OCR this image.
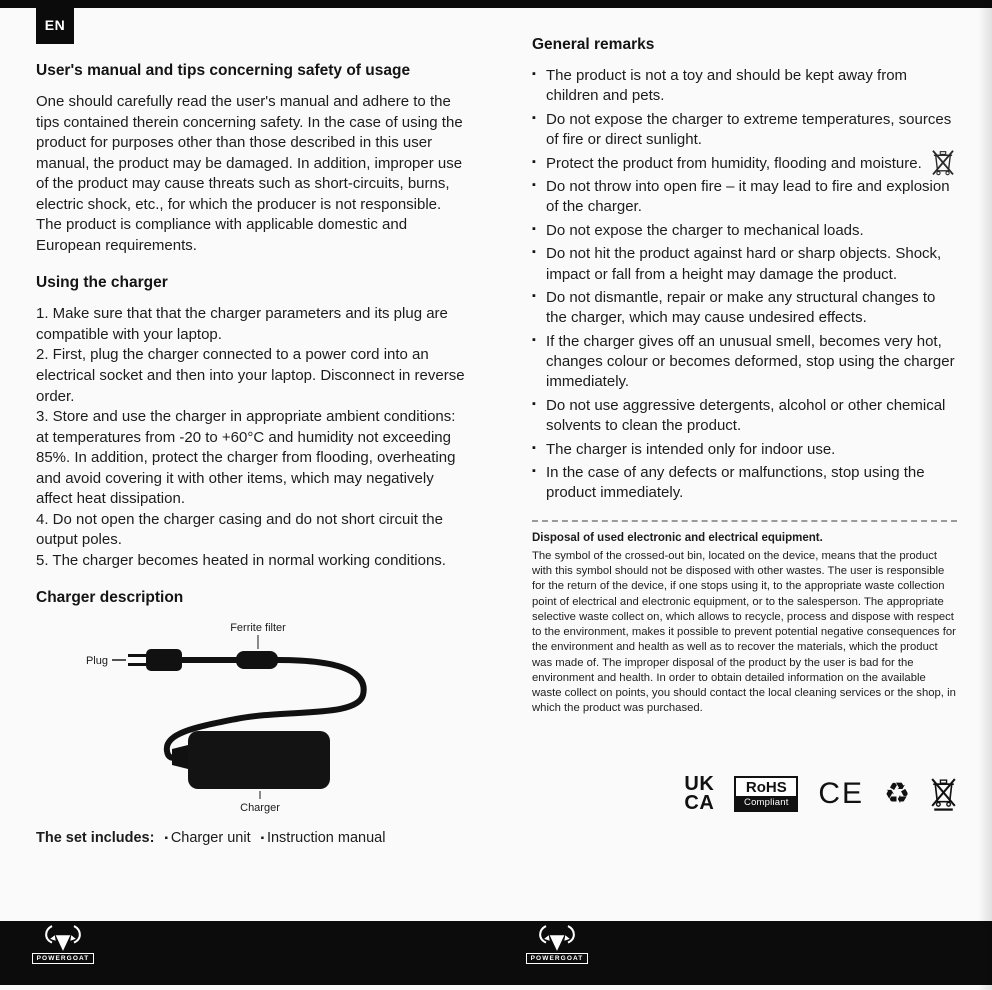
EN
User's manual and tips concerning safety of usage

One should carefully read the user's manual and adhere to the tips contained therein concerning safety. In the case of using the product for purposes other than those described in this user manual, the product may be damaged. In addition, improper use of the product may cause threats such as short-circuits, burns, electric shock, etc., for which the producer is not responsible. The product is compliance with applicable domestic and European requirements.

Using the charger

1. Make sure that that the charger parameters and its plug are compatible with your laptop.

2. First, plug the charger connected to a power cord into an electrical socket and then into your laptop. Disconnect in reverse order.

3. Store and use the charger in appropriate ambient conditions: at temperatures from -20 to +60°C and humidity not exceeding 85%. In addition, protect the charger from flooding, overheating and avoid covering it with other items, which may negatively affect heat dissipation.

4. Do not open the charger casing and do not short circuit the output poles.

5. The charger becomes heated in normal working conditions.

Charger description
Ferrite filter
Plug
Charger

The set includes: ▪ Charger unit ▪ Instruction manual

General remarks
▪ The product is not a toy and should be kept away from children and pets.
▪ Do not expose the charger to extreme temperatures, sources of fire or direct sunlight.
▪ Protect the product from humidity, flooding and moisture.
▪ Do not throw into open fire – it may lead to fire and explosion of the charger.
▪ Do not expose the charger to mechanical loads.
▪ Do not hit the product against hard or sharp objects. Shock, impact or fall from a height may damage the product.
▪ Do not dismantle, repair or make any structural changes to the charger, which may cause undesired effects.
▪ If the charger gives off an unusual smell, becomes very hot, changes colour or becomes deformed, stop using the charger immediately.
▪ Do not use aggressive detergents, alcohol or other chemical solvents to clean the product.
▪ The charger is intended only for indoor use.
▪ In the case of any defects or malfunctions, stop using the product immediately.
Disposal of used electronic and electrical equipment.

The symbol of the crossed-out bin, located on the device, means that the product with this symbol should not be disposed with other wastes. The user is responsible for the return of the device, if one stops using it, to the appropriate waste collection point of electrical and electronic equipment, or to the salesperson. The appropriate selective waste collect on, which allows to recycle, process and dispose with respect to the environment, makes it possible to prevent potential negative consequences for the environment and health as well as to recover the materials, which the product was made of. The improper disposal of the product by the user is bad for the environment and health. In order to obtain detailed information on the available waste collect on points, you should contact the local cleaning services or the shop, in which the product was purchased.

UK
CA
RoHS
Compliant CE ♻
POWERGOAT	POWERGOAT
